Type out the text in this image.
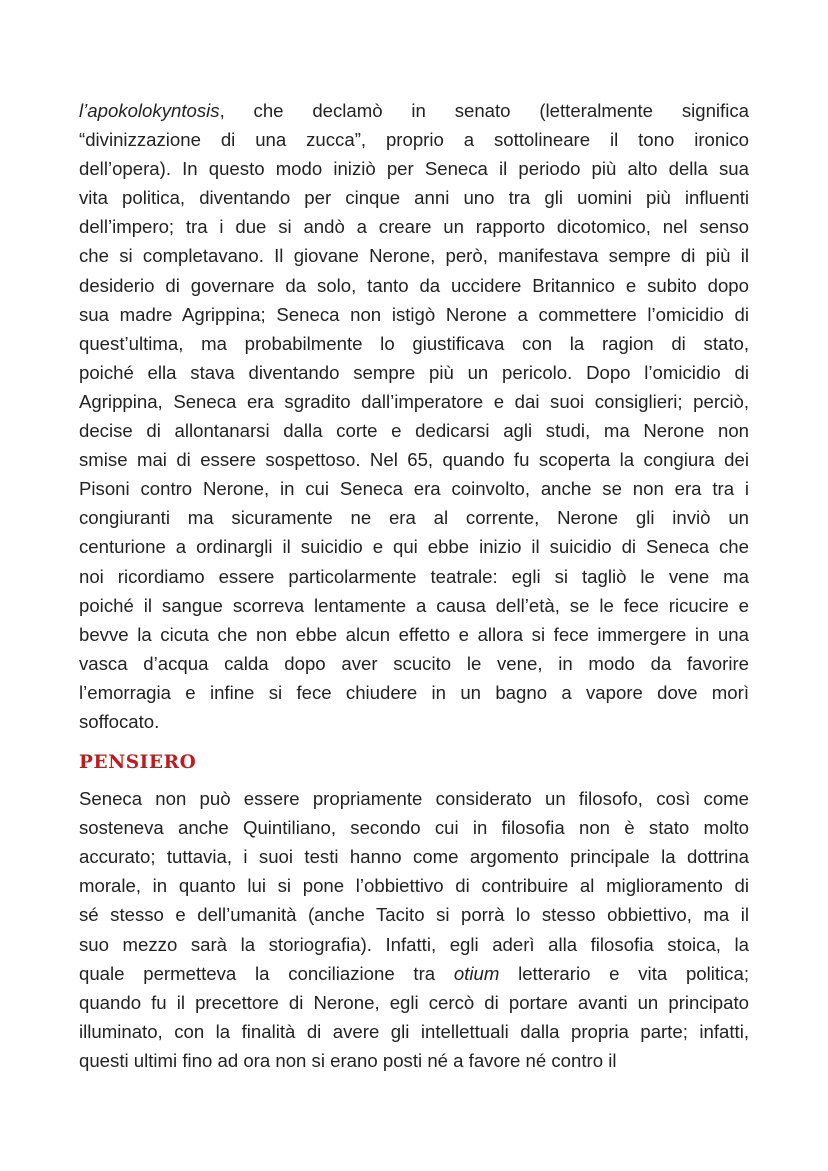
l’apokolokyntosis, che declamò in senato (letteralmente significa
“divinizzazione di una zucca”, proprio a sottolineare il tono ironico
dell’opera). In questo modo iniziò per Seneca il periodo più alto della sua
vita politica, diventando per cinque anni uno tra gli uomini più influenti
dell’impero; tra i due si andò a creare un rapporto dicotomico, nel senso
che si completavano. Il giovane Nerone, però, manifestava sempre di più il
desiderio di governare da solo, tanto da uccidere Britannico e subito dopo
sua madre Agrippina; Seneca non istigò Nerone a commettere l’omicidio di
quest’ultima, ma probabilmente lo giustificava con la ragion di stato,
poiché ella stava diventando sempre più un pericolo. Dopo l’omicidio di
Agrippina, Seneca era sgradito dall’imperatore e dai suoi consiglieri; perciò,
decise di allontanarsi dalla corte e dedicarsi agli studi, ma Nerone non
smise mai di essere sospettoso. Nel 65, quando fu scoperta la congiura dei
Pisoni contro Nerone, in cui Seneca era coinvolto, anche se non era tra i
congiuranti ma sicuramente ne era al corrente, Nerone gli inviò un
centurione a ordinargli il suicidio e qui ebbe inizio il suicidio di Seneca che
noi ricordiamo essere particolarmente teatrale: egli si tagliò le vene ma
poiché il sangue scorreva lentamente a causa dell’età, se le fece ricucire e
bevve la cicuta che non ebbe alcun effetto e allora si fece immergere in una
vasca d’acqua calda dopo aver scucito le vene, in modo da favorire
l’emorragia e infine si fece chiudere in un bagno a vapore dove morì
soffocato.
PENSIERO
Seneca non può essere propriamente considerato un filosofo, così come
sosteneva anche Quintiliano, secondo cui in filosofia non è stato molto
accurato; tuttavia, i suoi testi hanno come argomento principale la dottrina
morale, in quanto lui si pone l’obbiettivo di contribuire al miglioramento di
sé stesso e dell’umanità (anche Tacito si porrà lo stesso obbiettivo, ma il
suo mezzo sarà la storiografia). Infatti, egli aderì alla filosofia stoica, la
quale permetteva la conciliazione tra otium letterario e vita politica;
quando fu il precettore di Nerone, egli cercò di portare avanti un principato
illuminato, con la finalità di avere gli intellettuali dalla propria parte; infatti,
questi ultimi fino ad ora non si erano posti né a favore né contro il
